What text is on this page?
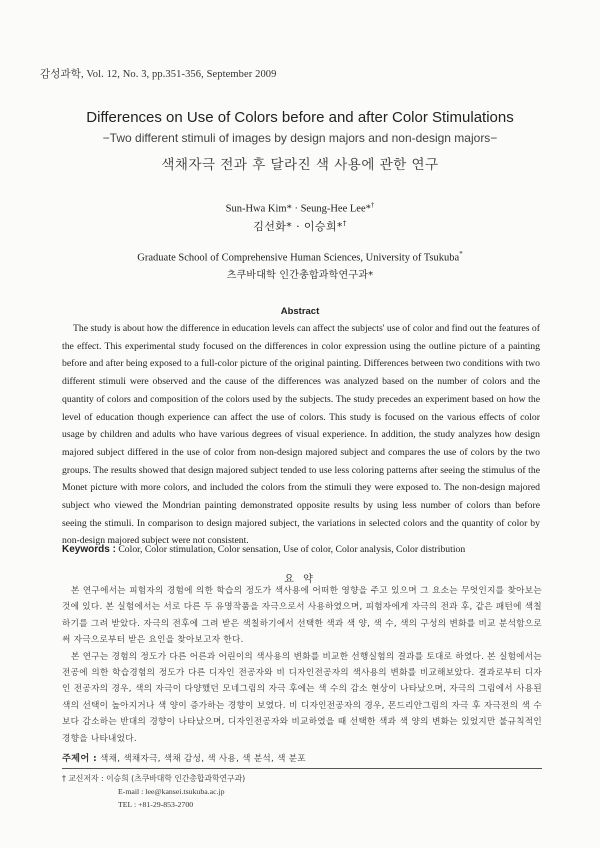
감성과학, Vol. 12, No. 3, pp.351-356, September 2009
Differences on Use of Colors before and after Color Stimulations
−Two different stimuli of images by design majors and non-design majors−
색채자극 전과 후 달라진 색 사용에 관한 연구
Sun-Hwa Kim* · Seung-Hee Lee*†
김선화* · 이승희*†
Graduate School of Comprehensive Human Sciences, University of Tsukuba*
츠쿠바대학 인간총합과학연구과*
Abstract
The study is about how the difference in education levels can affect the subjects' use of color and find out the features of the effect. This experimental study focused on the differences in color expression using the outline picture of a painting before and after being exposed to a full-color picture of the original painting. Differences between two conditions with two different stimuli were observed and the cause of the differences was analyzed based on the number of colors and the quantity of colors and composition of the colors used by the subjects. The study precedes an experiment based on how the level of education though experience can affect the use of colors. This study is focused on the various effects of color usage by children and adults who have various degrees of visual experience. In addition, the study analyzes how design majored subject differed in the use of color from non-design majored subject and compares the use of colors by the two groups. The results showed that design majored subject tended to use less coloring patterns after seeing the stimulus of the Monet picture with more colors, and included the colors from the stimuli they were exposed to. The non-design majored subject who viewed the Mondrian painting demonstrated opposite results by using less number of colors than before seeing the stimuli. In comparison to design majored subject, the variations in selected colors and the quantity of color by non-design majored subject were not consistent.
Keywords : Color, Color stimulation, Color sensation, Use of color, Color analysis, Color distribution
요 약

본 연구에서는 피험자의 경험에 의한 학습의 정도가 색사용에 어떠한 영향을 주고 있으며 그 요소는 무엇인지를 찾아보는 것에 있다. 본 실험에서는 서로 다른 두 유명작품을 자극으로서 사용하였으며, 피험자에게 자극의 전과 후, 같은 패턴에 색칠하기를 그려 받았다. 자극의 전후에 그려 받은 색칠하기에서 선택한 색과 색 양, 색 수, 색의 구성의 변화를 비교 분석함으로써 자극으로부터 받은 요인을 찾아보고자 한다.

본 연구는 경험의 정도가 다른 어른과 어린이의 색사용의 변화를 비교한 선행실험의 결과를 토대로 하였다. 본 실험에서는 전공에 의한 학습경험의 정도가 다른 디자인 전공자와 비 디자인전공자의 색사용의 변화를 비교해보았다. 결과로부터 디자인 전공자의 경우, 색의 자극이 다양했던 모네그림의 자극 후에는 색 수의 감소 현상이 나타났으며, 자극의 그림에서 사용된 색의 선택이 높아지거나 색 양이 증가하는 경향이 보였다. 비 디자인전공자의 경우, 몬드리안그림의 자극 후 자극전의 색 수보다 감소하는 반대의 경향이 나타났으며, 디자인전공자와 비교하였을 때 선택한 색과 색 양의 변화는 있었지만 불규칙적인 경향을 나타내었다.

주제어 : 색채, 색채자극, 색채 감성, 색 사용, 색 분석, 색 분포
† 교신저자 : 이승희 (츠쿠바대학 인간총합과학연구과)
E-mail : lee@kansei.tsukuba.ac.jp
TEL : +81-29-853-2700
